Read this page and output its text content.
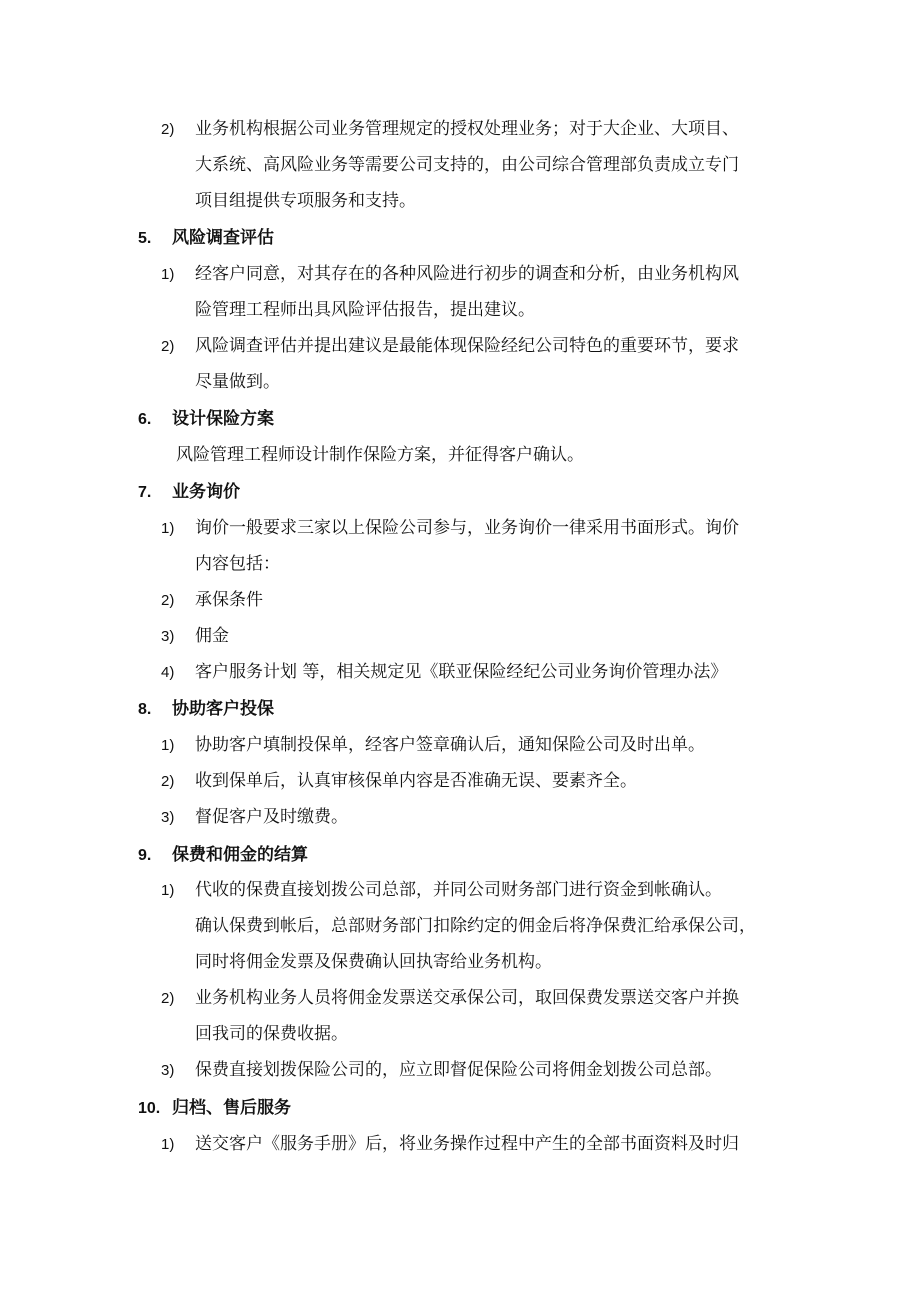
2) 业务机构根据公司业务管理规定的授权处理业务；对于大企业、大项目、
大系统、高风险业务等需要公司支持的，由公司综合管理部负责成立专门
项目组提供专项服务和支持。
5. 风险调查评估
1) 经客户同意，对其存在的各种风险进行初步的调查和分析，由业务机构风
险管理工程师出具风险评估报告，提出建议。
2) 风险调查评估并提出建议是最能体现保险经纪公司特色的重要环节，要求
尽量做到。
6. 设计保险方案
风险管理工程师设计制作保险方案，并征得客户确认。
7. 业务询价
1) 询价一般要求三家以上保险公司参与，业务询价一律采用书面形式。询价
内容包括：
2) 承保条件
3) 佣金
4) 客户服务计划 等，相关规定见《联亚保险经纪公司业务询价管理办法》
8. 协助客户投保
1) 协助客户填制投保单，经客户签章确认后，通知保险公司及时出单。
2) 收到保单后，认真审核保单内容是否准确无误、要素齐全。
3) 督促客户及时缴费。
9. 保费和佣金的结算
1) 代收的保费直接划拨公司总部，并同公司财务部门进行资金到帐确认。
确认保费到帐后，总部财务部门扣除约定的佣金后将净保费汇给承保公司，
同时将佣金发票及保费确认回执寄给业务机构。
2) 业务机构业务人员将佣金发票送交承保公司，取回保费发票送交客户并换
回我司的保费收据。
3) 保费直接划拨保险公司的，应立即督促保险公司将佣金划拨公司总部。
10. 归档、售后服务
1) 送交客户《服务手册》后，将业务操作过程中产生的全部书面资料及时归
